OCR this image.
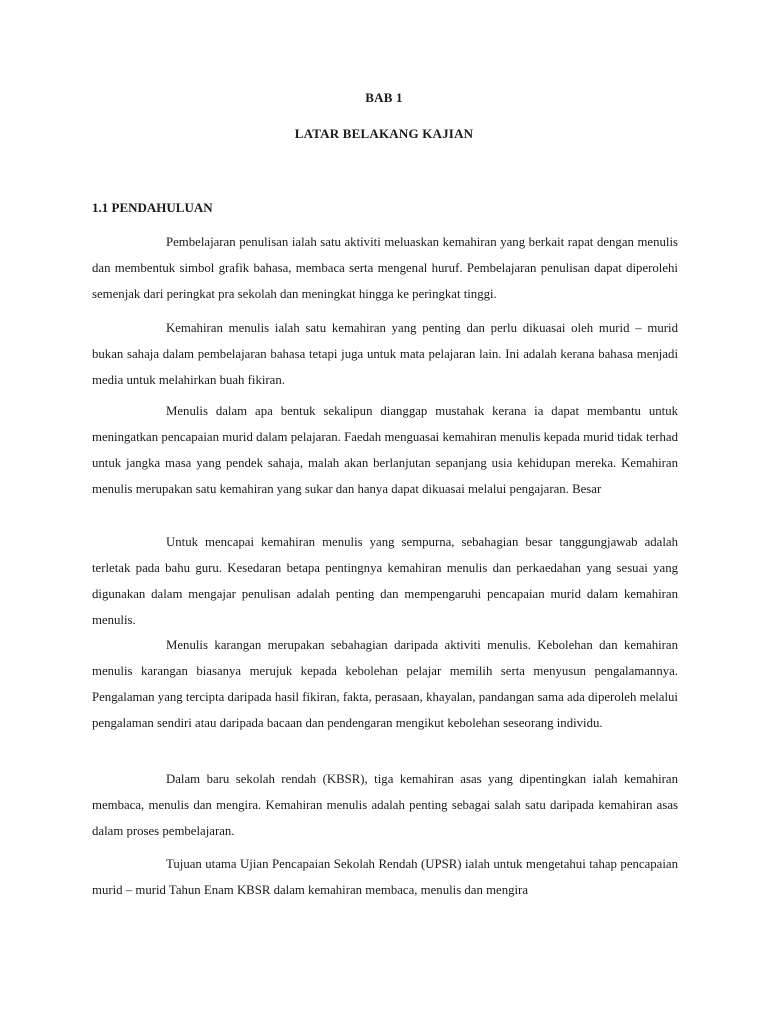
BAB 1
LATAR BELAKANG KAJIAN
1.1 PENDAHULUAN

Pembelajaran penulisan ialah satu aktiviti meluaskan kemahiran yang berkait rapat dengan menulis dan membentuk simbol grafik bahasa, membaca serta mengenal huruf. Pembelajaran penulisan dapat diperolehi semenjak dari peringkat pra sekolah dan meningkat hingga ke peringkat tinggi.

Kemahiran menulis ialah satu kemahiran yang penting dan perlu dikuasai oleh murid – murid bukan sahaja dalam pembelajaran bahasa tetapi juga untuk mata pelajaran lain. Ini adalah kerana bahasa menjadi media untuk melahirkan buah fikiran.

Menulis dalam apa bentuk sekalipun dianggap mustahak kerana ia dapat membantu untuk meningatkan pencapaian murid dalam pelajaran. Faedah menguasai kemahiran menulis kepada murid tidak terhad untuk jangka masa yang pendek sahaja, malah akan berlanjutan sepanjang usia kehidupan mereka. Kemahiran menulis merupakan satu kemahiran yang sukar dan hanya dapat dikuasai melalui pengajaran. Besar

Untuk mencapai kemahiran menulis yang sempurna, sebahagian besar tanggungjawab adalah terletak pada bahu guru. Kesedaran betapa pentingnya kemahiran menulis dan perkaedahan yang sesuai yang digunakan dalam mengajar penulisan adalah penting dan mempengaruhi pencapaian murid dalam kemahiran menulis.

Menulis karangan merupakan sebahagian daripada aktiviti menulis. Kebolehan dan kemahiran menulis karangan biasanya merujuk kepada kebolehan pelajar memilih serta menyusun pengalamannya. Pengalaman yang tercipta daripada hasil fikiran, fakta, perasaan, khayalan, pandangan sama ada diperoleh melalui pengalaman sendiri atau daripada bacaan dan pendengaran mengikut kebolehan seseorang individu.

Dalam baru sekolah rendah (KBSR), tiga kemahiran asas yang dipentingkan ialah kemahiran membaca, menulis dan mengira. Kemahiran menulis adalah penting sebagai salah satu daripada kemahiran asas dalam proses pembelajaran.

Tujuan utama Ujian Pencapaian Sekolah Rendah (UPSR) ialah untuk mengetahui tahap pencapaian murid – murid Tahun Enam KBSR dalam kemahiran membaca, menulis dan mengira
